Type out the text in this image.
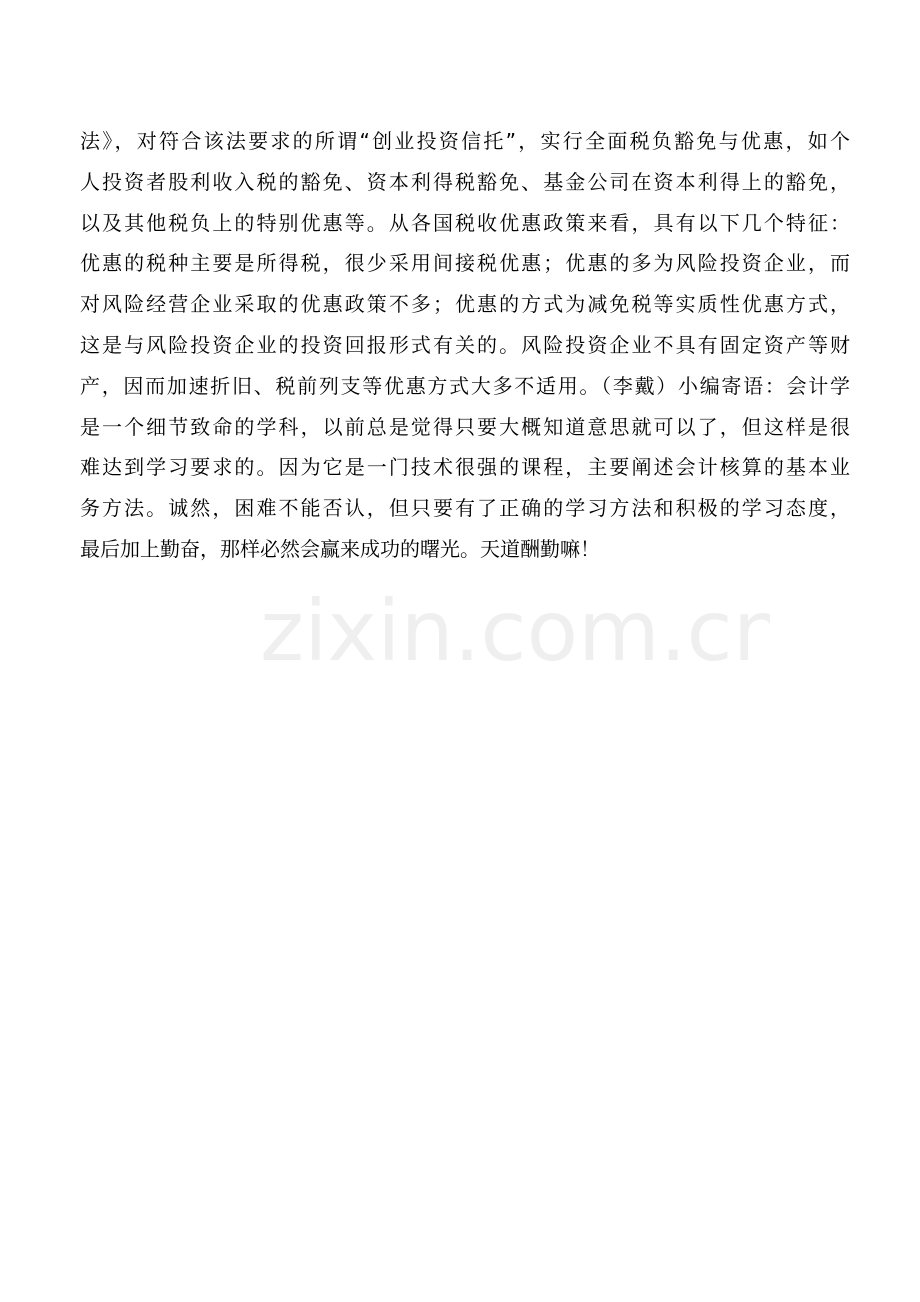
法》，对符合该法要求的所谓“创业投资信托”，实行全面税负豁免与优惠，如个
人投资者股利收入税的豁免、资本利得税豁免、基金公司在资本利得上的豁免，
以及其他税负上的特别优惠等。从各国税收优惠政策来看，具有以下几个特征：
优惠的税种主要是所得税，很少采用间接税优惠；优惠的多为风险投资企业，而
对风险经营企业采取的优惠政策不多；优惠的方式为减免税等实质性优惠方式，
这是与风险投资企业的投资回报形式有关的。风险投资企业不具有固定资产等财
产，因而加速折旧、税前列支等优惠方式大多不适用。（李戴）小编寄语：会计学
是一个细节致命的学科，以前总是觉得只要大概知道意思就可以了，但这样是很
难达到学习要求的。因为它是一门技术很强的课程，主要阐述会计核算的基本业
务方法。诚然，困难不能否认，但只要有了正确的学习方法和积极的学习态度，
最后加上勤奋，那样必然会赢来成功的曙光。天道酬勤嘛！
zixin.com.cn
